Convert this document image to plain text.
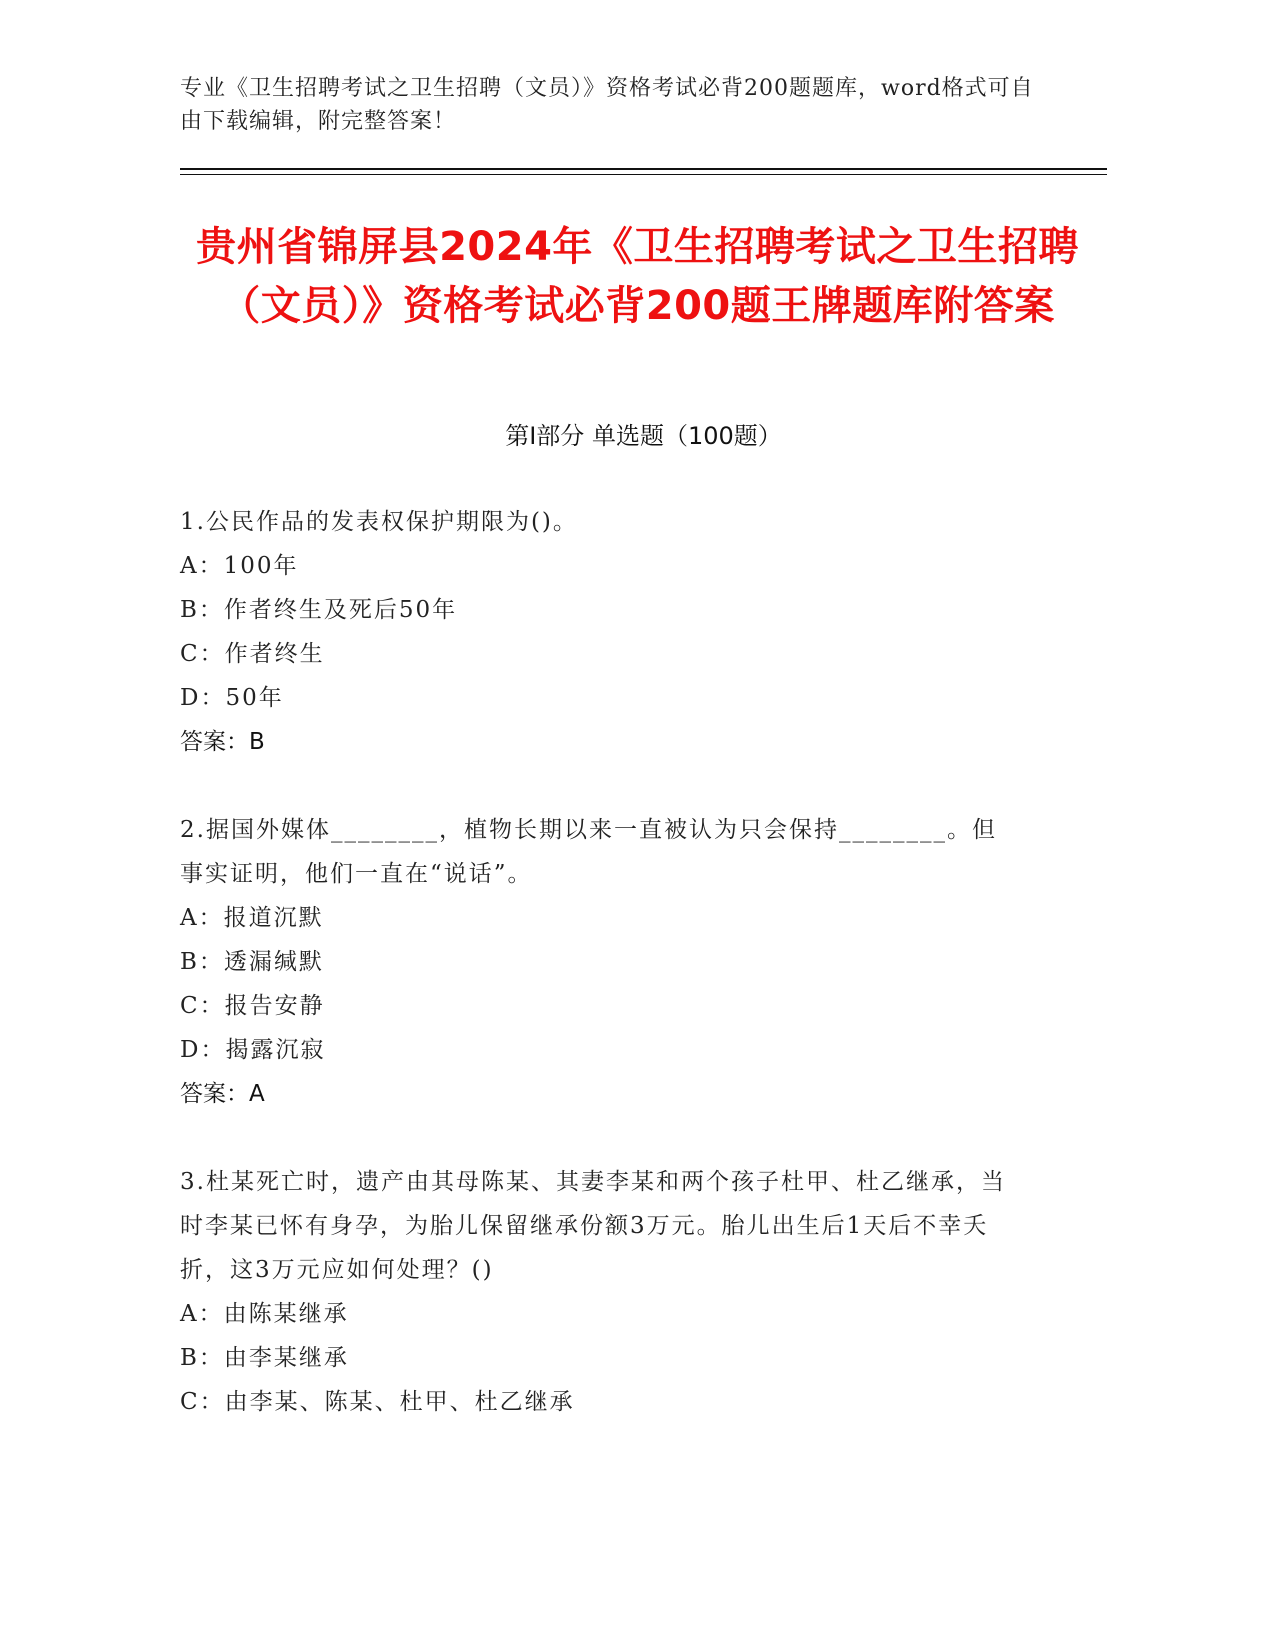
专业《卫生招聘考试之卫生招聘（文员）》资格考试必背200题题库，word格式可自由下载编辑，附完整答案！
贵州省锦屏县2024年《卫生招聘考试之卫生招聘（文员）》资格考试必背200题王牌题库附答案
第Ⅰ部分 单选题（100题）
1.公民作品的发表权保护期限为()。
A：100年
B：作者终生及死后50年
C：作者终生
D：50年
答案：B
2.据国外媒体________，植物长期以来一直被认为只会保持________。但事实证明，他们一直在“说话”。
A：报道沉默
B：透漏缄默
C：报告安静
D：揭露沉寂
答案：A
3.杜某死亡时，遗产由其母陈某、其妻李某和两个孩子杜甲、杜乙继承，当时李某已怀有身孕，为胎儿保留继承份额3万元。胎儿出生后1天后不幸夭折，这3万元应如何处理？()
A：由陈某继承
B：由李某继承
C：由李某、陈某、杜甲、杜乙继承
